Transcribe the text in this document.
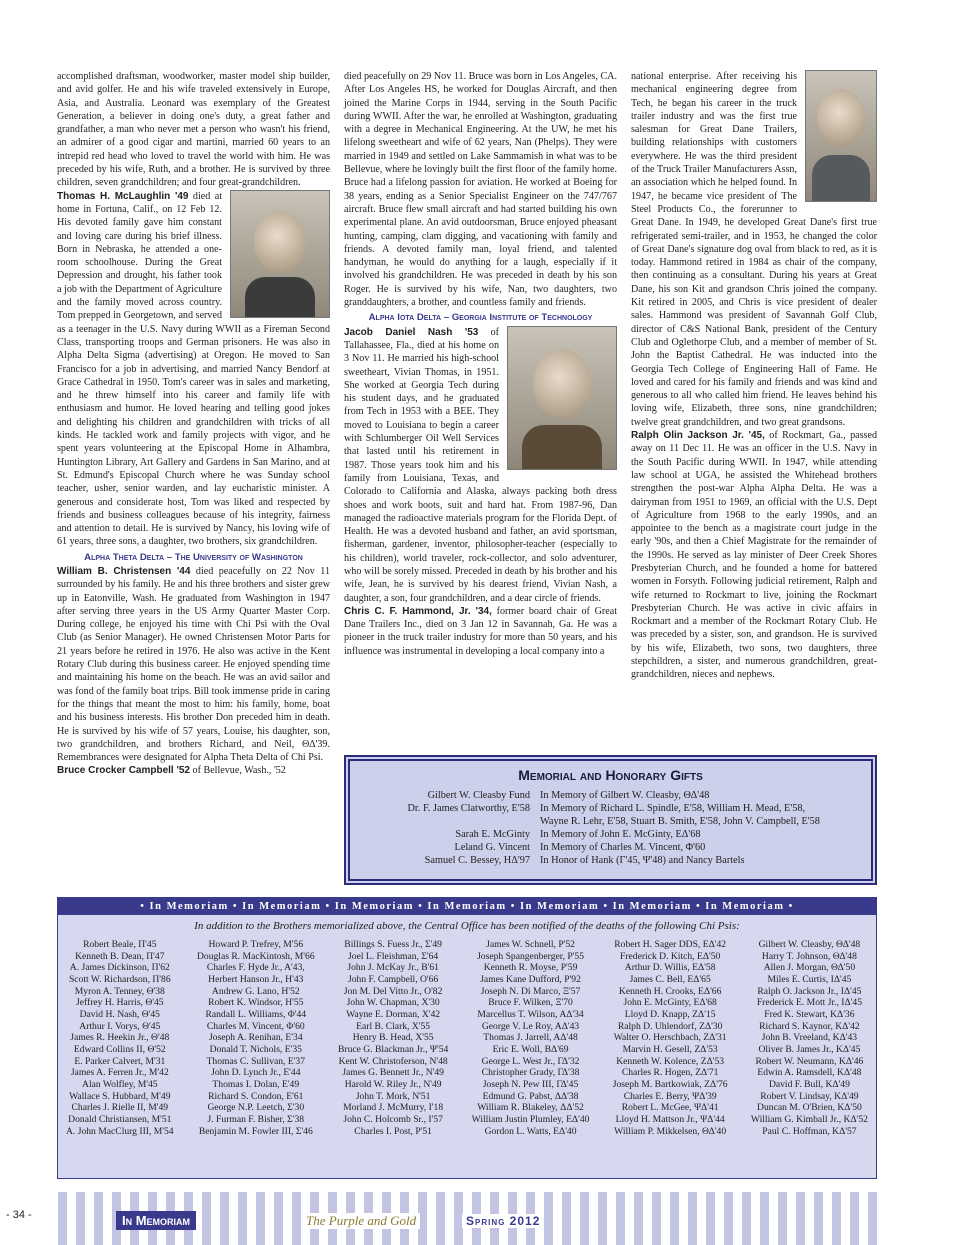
accomplished draftsman, woodworker, master model ship builder, and avid golfer. He and his wife traveled extensively in Europe, Asia, and Australia. Leonard was exemplary of the Greatest Generation, a believer in doing one's duty, a great father and grandfather, a man who never met a person who wasn't his friend, an admirer of a good cigar and martini, married 60 years to an intrepid red head who loved to travel the world with him. He was preceded by his wife, Ruth, and a brother. He is survived by three children, seven grandchildren; and four great-grandchildren.

Thomas H. McLaughlin '49 died at home in Fortuna, Calif., on 12 Feb 12. His devoted family gave him constant and loving care during his brief illness. Born in Nebraska, he attended a one-room schoolhouse. During the Great Depression and drought, his father took a job with the Department of Agriculture and the family moved across country. Tom prepped in Georgetown, and served as a teenager in the U.S. Navy during WWII as a Fireman Second Class, transporting troops and German prisoners. He was also in Alpha Delta Sigma (advertising) at Oregon. He moved to San Francisco for a job in advertising, and married Nancy Bendorf at Grace Cathedral in 1950. Tom's career was in sales and marketing, and he threw himself into his career and family life with enthusiasm and humor. He loved hearing and telling good jokes and delighting his children and grandchildren with tricks of all kinds. He tackled work and family projects with vigor, and he spent years volunteering at the Episcopal Home in Alhambra, Huntington Library, Art Gallery and Gardens in San Marino, and at St. Edmund's Episcopal Church where he was Sunday school teacher, usher, senior warden, and lay eucharistic minister. A generous and considerate host, Tom was liked and respected by friends and business colleagues because of his integrity, fairness and attention to detail. He is survived by Nancy, his loving wife of 61 years, three sons, a daughter, two brothers, six grandchildren.

Alpha Theta Delta – The University of Washington

William B. Christensen '44 died peacefully on 22 Nov 11 surrounded by his family. He and his three brothers and sister grew up in Eatonville, Wash. He graduated from Washington in 1947 after serving three years in the US Army Quarter Master Corp. During college, he enjoyed his time with Chi Psi with the Oval Club (as Senior Manager). He owned Christensen Motor Parts for 21 years before he retired in 1976. He also was active in the Kent Rotary Club during this business career. He enjoyed spending time and maintaining his home on the beach. He was an avid sailor and was fond of the family boat trips. Bill took immense pride in caring for the things that meant the most to him: his family, home, boat and his business interests. His brother Don preceded him in death. He is survived by his wife of 57 years, Louise, his daughter, son, two grandchildren, and brothers Richard, and Neil, ΘΔ'39. Remembrances were designated for Alpha Theta Delta of Chi Psi.

Bruce Crocker Campbell '52 of Bellevue, Wash., '52

died peacefully on 29 Nov 11. Bruce was born in Los Angeles, CA. After Los Angeles HS, he worked for Douglas Aircraft, and then joined the Marine Corps in 1944, serving in the South Pacific during WWII. After the war, he enrolled at Washington, graduating with a degree in Mechanical Engineering. At the UW, he met his lifelong sweetheart and wife of 62 years, Nan (Phelps). They were married in 1949 and settled on Lake Sammamish in what was to be Bellevue, where he lovingly built the first floor of the family home. Bruce had a lifelong passion for aviation. He worked at Boeing for 38 years, ending as a Senior Specialist Engineer on the 747/767 aircraft. Bruce flew small aircraft and had started building his own experimental plane. An avid outdoorsman, Bruce enjoyed pheasant hunting, camping, clam digging, and vacationing with family and friends. A devoted family man, loyal friend, and talented handyman, he would do anything for a laugh, especially if it involved his grandchildren. He was preceded in death by his son Roger. He is survived by his wife, Nan, two daughters, two granddaughters, a brother, and countless family and friends.

Alpha Iota Delta – Georgia Institute of Technology

Jacob Daniel Nash '53 of Tallahassee, Fla., died at his home on 3 Nov 11. He married his high-school sweetheart, Vivian Thomas, in 1951. She worked at Georgia Tech during his student days, and he graduated from Tech in 1953 with a BEE. They moved to Louisiana to begin a career with Schlumberger Oil Well Services that lasted until his retirement in 1987. Those years took him and his family from Louisiana, Texas, and Colorado to California and Alaska, always packing both dress shoes and work boots, suit and hard hat. From 1987-96, Dan managed the radioactive materials program for the Florida Dept. of Health. He was a devoted husband and father, an avid sportsman, fisherman, gardener, inventor, philosopher-teacher (especially to his children), world traveler, rock-collector, and solo adventurer, who will be sorely missed. Preceded in death by his brother and his wife, Jean, he is survived by his dearest friend, Vivian Nash, a daughter, a son, four grandchildren, and a dear circle of friends.

Chris C. F. Hammond, Jr. '34, former board chair of Great Dane Trailers Inc., died on 3 Jan 12 in Savannah, Ga. He was a pioneer in the truck trailer industry for more than 50 years, and his influence was instrumental in developing a local company into a

national enterprise. After receiving his mechanical engineering degree from Tech, he began his career in the truck trailer industry and was the first true salesman for Great Dane Trailers, building relationships with customers everywhere. He was the third president of the Truck Trailer Manufacturers Assn, an association which he helped found. In 1947, he became vice president of The Steel Products Co., the forerunner to Great Dane. In 1949, he developed Great Dane's first true refrigerated semi-trailer, and in 1953, he changed the color of Great Dane's signature dog oval from black to red, as it is today. Hammond retired in 1984 as chair of the company, then continuing as a consultant. During his years at Great Dane, his son Kit and grandson Chris joined the company. Kit retired in 2005, and Chris is vice president of dealer sales. Hammond was president of Savannah Golf Club, director of C&S National Bank, president of the Century Club and Oglethorpe Club, and a member of member of St. John the Baptist Cathedral. He was inducted into the Georgia Tech College of Engineering Hall of Fame. He loved and cared for his family and friends and was kind and generous to all who called him friend. He leaves behind his loving wife, Elizabeth, three sons, nine grandchildren; twelve great grandchildren, and two great grandsons.

Ralph Olin Jackson Jr. '45, of Rockmart, Ga., passed away on 11 Dec 11. He was an officer in the U.S. Navy in the South Pacific during WWII. In 1947, while attending law school at UGA, he assisted the Whitehead brothers strengthen the post-war Alpha Alpha Delta. He was a dairyman from 1951 to 1969, an official with the U.S. Dept of Agriculture from 1968 to the early 1990s, and an appointee to the bench as a magistrate court judge in the early '90s, and then a Chief Magistrate for the remainder of the 1990s. He served as lay minister of Deer Creek Shores Presbyterian Church, and he founded a home for battered women in Forsyth. Following judicial retirement, Ralph and wife returned to Rockmart to live, joining the Rockmart Presbyterian Church. He was active in civic affairs in Rockmart and a member of the Rockmart Rotary Club. He was preceded by a sister, son, and grandson. He is survived by his wife, Elizabeth, two sons, two daughters, three stepchildren, a sister, and numerous grandchildren, great-grandchildren, nieces and nephews.

Memorial and Honorary Gifts
Gilbert W. Cleasby Fund In Memory of Gilbert W. Cleasby, ΘΔ'48
Dr. F. James Clatworthy, E'58 In Memory of Richard L. Spindle, E'58, William H. Mead, E'58,
Wayne R. Lehr, E'58, Stuart B. Smith, E'58, John V. Campbell, E'58
Sarah E. McGinty In Memory of John E. McGinty, EΔ'68
Leland G. Vincent In Memory of Charles M. Vincent, Φ'60
Samuel C. Bessey, HΔ'97 In Honor of Hank (Γ'45, Ψ'48) and Nancy Bartels
• In Memoriam • In Memoriam • In Memoriam • In Memoriam • In Memoriam • In Memoriam • In Memoriam •
In addition to the Brothers memorialized above, the Central Office has been notified of the deaths of the following Chi Psis:
Robert Beale, Π'45
Kenneth B. Dean, Π'47
A. James Dickinson, Π'62
Scott W. Richardson, Π'86
Myron A. Tenney, Θ'38
Jeffrey H. Harris, Θ'45
David H. Nash, Θ'45
Arthur I. Vorys, Θ'45
James R. Heekin Jr., Θ'48
Edward Collins II, Θ'52
E. Parker Calvert, M'31
James A. Ferren Jr., M'42
Alan Wolfley, M'45
Wallace S. Hubbard, M'49
Charles J. Rielle II, M'49
Donald Christiansen, M'51
A. John MacClurg III, M'54
Howard P. Trefrey, M'56
Douglas R. MacKintosh, M'66
Charles F. Hyde Jr., A'43,
Herbert Hanson Jr., H'43
Andrew G. Lano, H'52
Robert K. Windsor, H'55
Randall L. Williams, Φ'44
Charles M. Vincent, Φ'60
Joseph A. Renihan, E'34
Donald T. Nichols, E'35
Thomas C. Sullivan, E'37
John D. Lynch Jr., E'44
Thomas I. Dolan, E'49
Richard S. Condon, E'61
George N.P. Leetch, Σ'30
J. Furman F. Bisher, Σ'38
Benjamin M. Fowler III, Σ'46
Billings S. Fuess Jr., Σ'49
Joel L. Fleishman, Σ'64
John J. McKay Jr., B'61
John F. Campbell, O'66
Jon M. Del Vitto Jr., O'82
John W. Chapman, X'30
Wayne E. Dorman, X'42
Earl B. Clark, X'55
Henry B. Head, X'55
Bruce G. Blackman Jr., Ψ'54
Kent W. Christoferson, N'48
James G. Bennett Jr., N'49
Harold W. Riley Jr., N'49
John T. Mork, N'51
Morland J. McMurry, I'18
John C. Holcomb Sr., I'57
Charles I. Post, P'51
James W. Schnell, P'52
Joseph Spangenberger, P'55
Kenneth R. Moyse, P'59
James Kane Dufford, P'92
Joseph N. Di Marco, Ξ'57
Bruce F. Wilken, Ξ'70
Marcellus T. Wilson, AΔ'34
George V. Le Roy, AΔ'43
Thomas J. Jarrell, AΔ'48
Eric E. Woll, BΔ'69
George L. West Jr., ΓΔ'32
Christopher Grady, ΓΔ'38
Joseph N. Pew III, ΓΔ'45
Edmund G. Pabst, ΔΔ'38
William R. Blakeley, ΔΔ'52
William Justin Plumley, EΔ'40
Gordon L. Watts, EΔ'40
Robert H. Sager DDS, EΔ'42
Frederick D. Kitch, EΔ'50
Arthur D. Willis, EΔ'58
James C. Bell, EΔ'65
Kenneth H. Crooks, EΔ'66
John E. McGinty, EΔ'68
Lloyd D. Knapp, ZΔ'15
Ralph D. Uhlendorf, ZΔ'30
Walter O. Herschbach, ZΔ'31
Marvin H. Gesell, ZΔ'53
Kenneth W. Kolence, ZΔ'53
Charles R. Hogen, ZΔ'71
Joseph M. Bartkowiak, ZΔ'76
Charles E. Berry, ΨΔ'39
Robert L. McGee, ΨΔ'41
Lloyd H. Mattson Jr., ΨΔ'44
William P. Mikkelsen, ΘΔ'40
Gilbert W. Cleasby, ΘΔ'48
Harry T. Johnson, ΘΔ'48
Allen J. Morgan, ΘΔ'50
Miles E. Curtis, IΔ'45
Ralph O. Jackson Jr., IΔ'45
Frederick E. Mott Jr., IΔ'45
Fred K. Stewart, KΔ'36
Richard S. Kaynor, KΔ'42
John B. Vreeland, KΔ'43
Oliver B. James Jr., KΔ'45
Robert W. Neumann, KΔ'46
Edwin A. Ramsdell, KΔ'48
David F. Bull, KΔ'49
Robert V. Lindsay, KΔ'49
Duncan M. O'Brien, KΔ'50
William G. Kimball Jr., KΔ'52
Paul C. Hoffman, KΔ'57
- 34 -	In Memoriam	The Purple and Gold	Spring 2012
